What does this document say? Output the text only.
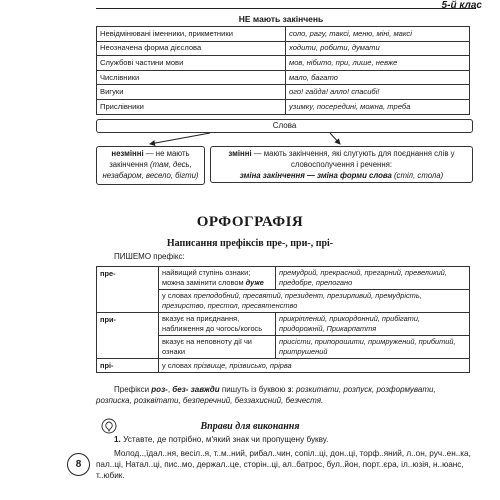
5-й клас
НЕ мають закінчень
Невідмінювані іменники, прикметники	соло, рагу, таксі, меню, міні, максі
Неозначена форма дієслова	ходити, робити, думати
Службові частини мови	мов, нібито, при, лише, невже
Числівники	мало, багато
Вигуки	ого! гайда! алло! спасибі!
Прислівники	узимку, посередині, можна, треба
Слова
незмінні — не мають закінчення (там, десь, незабаром, весело, бігти)
змінні — мають закінчення, які слугують для поєднання слів у словосполучення і речення:
зміна закінчення — зміна форми слова (стіл, стола)
ОРФОГРАФІЯ
Написання префіксів пре-, при-, прі-
ПИШЕМО префікс:
пре-	найвищий ступінь ознаки; можна замінити словом дуже	премудрий, прекрасний, прегарний, превеликий, предобре, препогано
	у словах преподобний, пресвятий, президент, презирливий, премудрість, презирство, престол, пресвятенство	
при-	вказує на приєднання, наближення до чогось/когось	прикріплений, прикордонний, прибігати, придорожній, Прикарпаття
	вказує на неповноту дії чи ознаки	присісти, припорошити, примружений, прибитий, притрушений
прі-	у словах прізвище, прізвисько, прірва	
Префікси роз-, без- завжди пишуть із буквою з: розкитати, розпуск, розформувати, розписка, розквітати, безперечний, беззахисний, безчестя.
Вправи для виконання
1. Уставте, де потрібно, м'який знак чи пропущену букву.
Молод..,їдал..ня, весіл..я, т..м..ний, рибал..чин, сопіл..ці, дон..ці, торф..яний, л..он, руч..ен..ка, пал..ці, Натал..ці, пис..мо, держал..це, сторін..ці, ал..батрос, бул..йон, порт..єра, іл..юзія, н..юанс, т..юбик.
8
